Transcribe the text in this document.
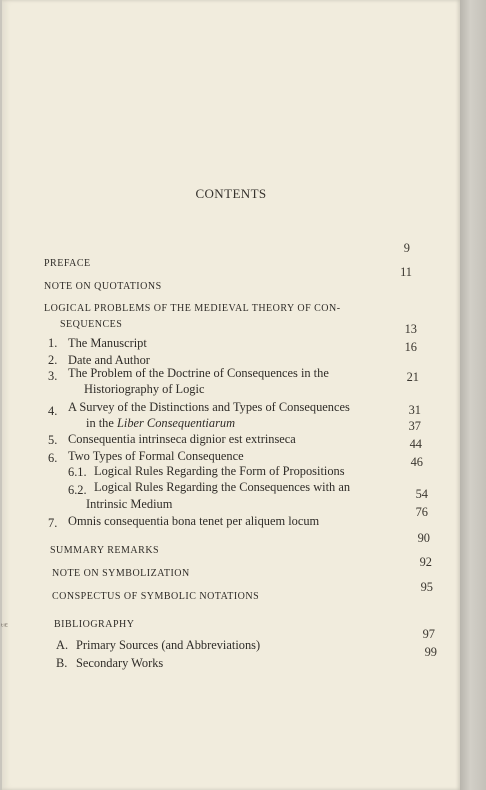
CONTENTS
PREFACE
9
NOTE ON QUOTATIONS
11
LOGICAL PROBLEMS OF THE MEDIEVAL THEORY OF CON-
SEQUENCES
1. The Manuscript
13
2. Date and Author
16
3. The Problem of the Doctrine of Consequences in the
Historiography of Logic
21
4. A Survey of the Distinctions and Types of Consequences
in the Liber Consequentiarum
31
5. Consequentia intrinseca dignior est extrinseca
37
6. Two Types of Formal Consequence
44
6.1. Logical Rules Regarding the Form of Propositions
46
6.2. Logical Rules Regarding the Consequences with an
Intrinsic Medium
54
7. Omnis consequentia bona tenet per aliquem locum
76
SUMMARY REMARKS
90
NOTE ON SYMBOLIZATION
92
CONSPECTUS OF SYMBOLIC NOTATIONS
95
BIBLIOGRAPHY
A. Primary Sources (and Abbreviations)
97
B. Secondary Works
99
ᵗⁱᴱ
